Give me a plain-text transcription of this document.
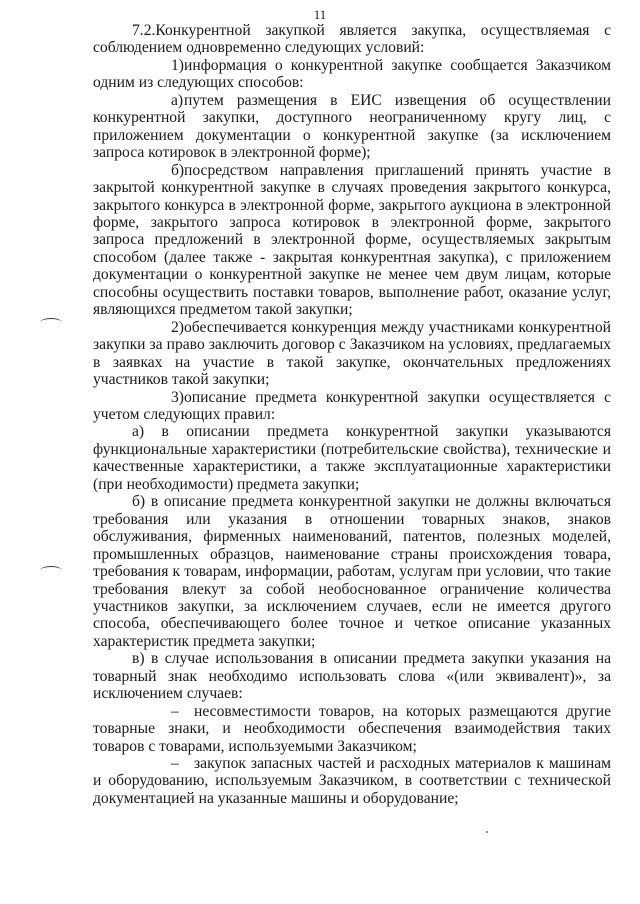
11

7.2.Конкурентной закупкой является закупка, осуществляемая с соблюдением одновременно следующих условий:

1)информация о конкурентной закупке сообщается Заказчиком одним из следующих способов:

а)путем размещения в ЕИС извещения об осуществлении конкурентной закупки, доступного неограниченному кругу лиц, с приложением документации о конкурентной закупке (за исключением запроса котировок в электронной форме);

б)посредством направления приглашений принять участие в закрытой конкурентной закупке в случаях проведения закрытого конкурса, закрытого конкурса в электронной форме, закрытого аукциона в электронной форме, закрытого запроса котировок в электронной форме, закрытого запроса предложений в электронной форме, осуществляемых закрытым способом (далее также - закрытая конкурентная закупка), с приложением документации о конкурентной закупке не менее чем двум лицам, которые способны осуществить поставки товаров, выполнение работ, оказание услуг, являющихся предметом такой закупки;

2)обеспечивается конкуренция между участниками конкурентной закупки за право заключить договор с Заказчиком на условиях, предлагаемых в заявках на участие в такой закупке, окончательных предложениях участников такой закупки;

3)описание предмета конкурентной закупки осуществляется с учетом следующих правил:

а) в описании предмета конкурентной закупки указываются функциональные характеристики (потребительские свойства), технические и качественные характеристики, а также эксплуатационные характеристики (при необходимости) предмета закупки;

б) в описание предмета конкурентной закупки не должны включаться требования или указания в отношении товарных знаков, знаков обслуживания, фирменных наименований, патентов, полезных моделей, промышленных образцов, наименование страны происхождения товара, требования к товарам, информации, работам, услугам при условии, что такие требования влекут за собой необоснованное ограничение количества участников закупки, за исключением случаев, если не имеется другого способа, обеспечивающего более точное и четкое описание указанных характеристик предмета закупки;

в) в случае использования в описании предмета закупки указания на товарный знак необходимо использовать слова «(или эквивалент)», за исключением случаев:

– несовместимости товаров, на которых размещаются другие товарные знаки, и необходимости обеспечения взаимодействия таких товаров с товарами, используемыми Заказчиком;

– закупок запасных частей и расходных материалов к машинам и оборудованию, используемым Заказчиком, в соответствии с технической документацией на указанные машины и оборудование;
